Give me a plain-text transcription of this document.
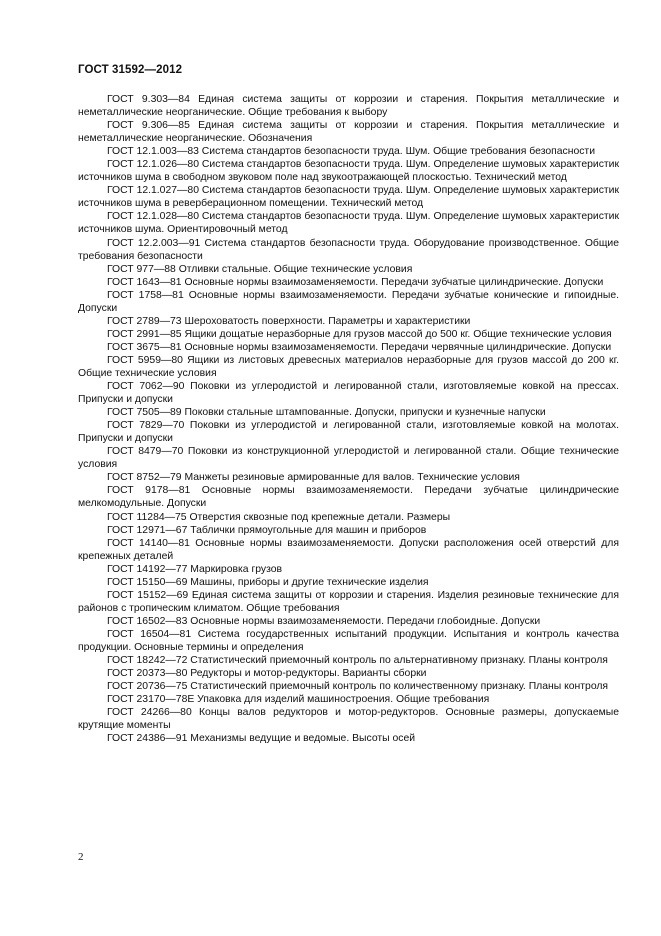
ГОСТ 31592—2012

ГОСТ 9.303—84 Единая система защиты от коррозии и старения. Покрытия металлические и неметаллические неорганические. Общие требования к выбору

ГОСТ 9.306—85 Единая система защиты от коррозии и старения. Покрытия металлические и неметаллические неорганические. Обозначения

ГОСТ 12.1.003—83 Система стандартов безопасности труда. Шум. Общие требования безопасности

ГОСТ 12.1.026—80 Система стандартов безопасности труда. Шум. Определение шумовых характеристик источников шума в свободном звуковом поле над звукоотражающей плоскостью. Технический метод

ГОСТ 12.1.027—80 Система стандартов безопасности труда. Шум. Определение шумовых характеристик источников шума в реверберационном помещении. Технический метод

ГОСТ 12.1.028—80 Система стандартов безопасности труда. Шум. Определение шумовых характеристик источников шума. Ориентировочный метод

ГОСТ 12.2.003—91 Система стандартов безопасности труда. Оборудование производственное. Общие требования безопасности

ГОСТ 977—88 Отливки стальные. Общие технические условия

ГОСТ 1643—81 Основные нормы взаимозаменяемости. Передачи зубчатые цилиндрические. Допуски

ГОСТ 1758—81 Основные нормы взаимозаменяемости. Передачи зубчатые конические и гипоидные. Допуски

ГОСТ 2789—73 Шероховатость поверхности. Параметры и характеристики

ГОСТ 2991—85 Ящики дощатые неразборные для грузов массой до 500 кг. Общие технические условия

ГОСТ 3675—81 Основные нормы взаимозаменяемости. Передачи червячные цилиндрические. Допуски

ГОСТ 5959—80 Ящики из листовых древесных материалов неразборные для грузов массой до 200 кг. Общие технические условия

ГОСТ 7062—90 Поковки из углеродистой и легированной стали, изготовляемые ковкой на прессах. Припуски и допуски

ГОСТ 7505—89 Поковки стальные штампованные. Допуски, припуски и кузнечные напуски

ГОСТ 7829—70 Поковки из углеродистой и легированной стали, изготовляемые ковкой на молотах. Припуски и допуски

ГОСТ 8479—70 Поковки из конструкционной углеродистой и легированной стали. Общие технические условия

ГОСТ 8752—79 Манжеты резиновые армированные для валов. Технические условия

ГОСТ 9178—81 Основные нормы взаимозаменяемости. Передачи зубчатые цилиндрические мелкомодульные. Допуски

ГОСТ 11284—75 Отверстия сквозные под крепежные детали. Размеры

ГОСТ 12971—67 Таблички прямоугольные для машин и приборов

ГОСТ 14140—81 Основные нормы взаимозаменяемости. Допуски расположения осей отверстий для крепежных деталей

ГОСТ 14192—77 Маркировка грузов

ГОСТ 15150—69 Машины, приборы и другие технические изделия

ГОСТ 15152—69 Единая система защиты от коррозии и старения. Изделия резиновые технические для районов с тропическим климатом. Общие требования

ГОСТ 16502—83 Основные нормы взаимозаменяемости. Передачи глобоидные. Допуски

ГОСТ 16504—81 Система государственных испытаний продукции. Испытания и контроль качества продукции. Основные термины и определения

ГОСТ 18242—72 Статистический приемочный контроль по альтернативному признаку. Планы контроля

ГОСТ 20373—80 Редукторы и мотор-редукторы. Варианты сборки

ГОСТ 20736—75 Статистический приемочный контроль по количественному признаку. Планы контроля

ГОСТ 23170—78Е Упаковка для изделий машиностроения. Общие требования

ГОСТ 24266—80 Концы валов редукторов и мотор-редукторов. Основные размеры, допускаемые крутящие моменты

ГОСТ 24386—91 Механизмы ведущие и ведомые. Высоты осей

2
